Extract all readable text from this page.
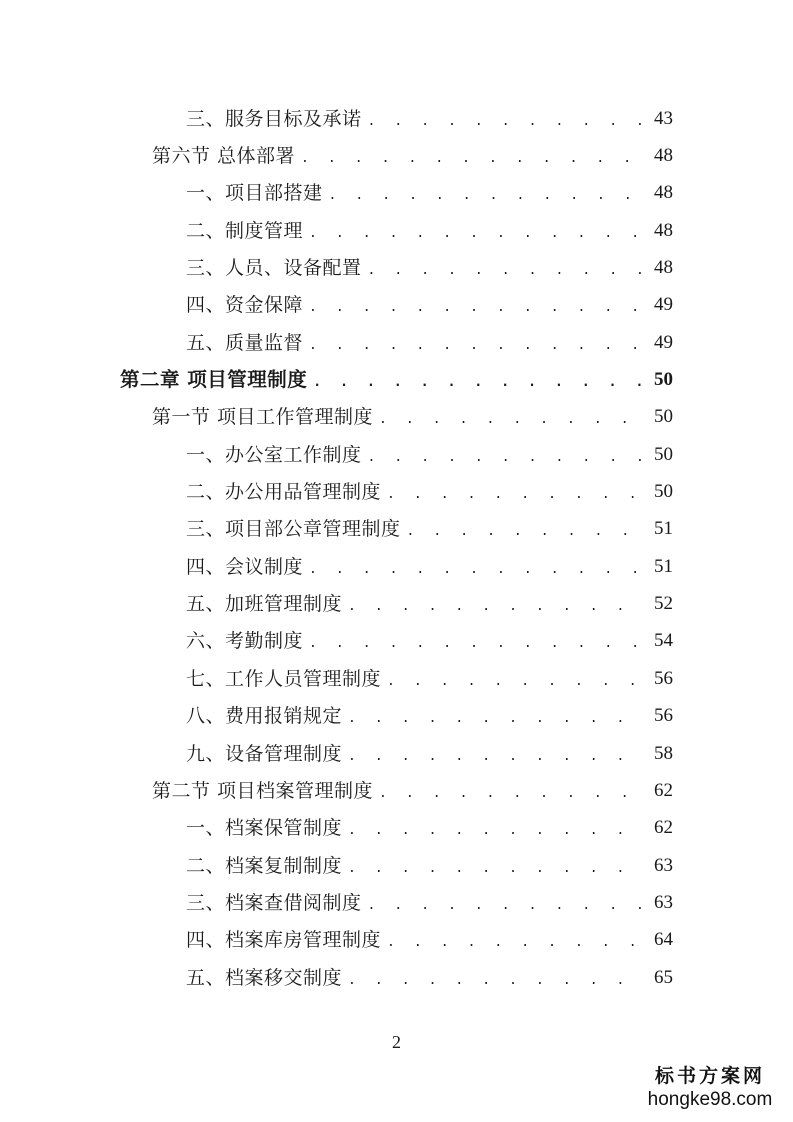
三、服务目标及承诺 . . .	43
第六节 总体部署 . . .	48
一、项目部搭建 . . .	48
二、制度管理 . . .	48
三、人员、设备配置 . . .	48
四、资金保障 . . .	49
五、质量监督 . . .	49
第二章 项目管理制度 . . .	50
第一节 项目工作管理制度 . . .	50
一、办公室工作制度 . . .	50
二、办公用品管理制度 . . .	50
三、项目部公章管理制度 . . .	51
四、会议制度 . . .	51
五、加班管理制度 . . .	52
六、考勤制度 . . .	54
七、工作人员管理制度 . . .	56
八、费用报销规定 . . .	56
九、设备管理制度 . . .	58
第二节 项目档案管理制度 . . .	62
一、档案保管制度 . . .	62
二、档案复制制度 . . .	63
三、档案查借阅制度 . . .	63
四、档案库房管理制度 . . .	64
五、档案移交制度 . . .	65
2
标书方案网
hongke98.com
